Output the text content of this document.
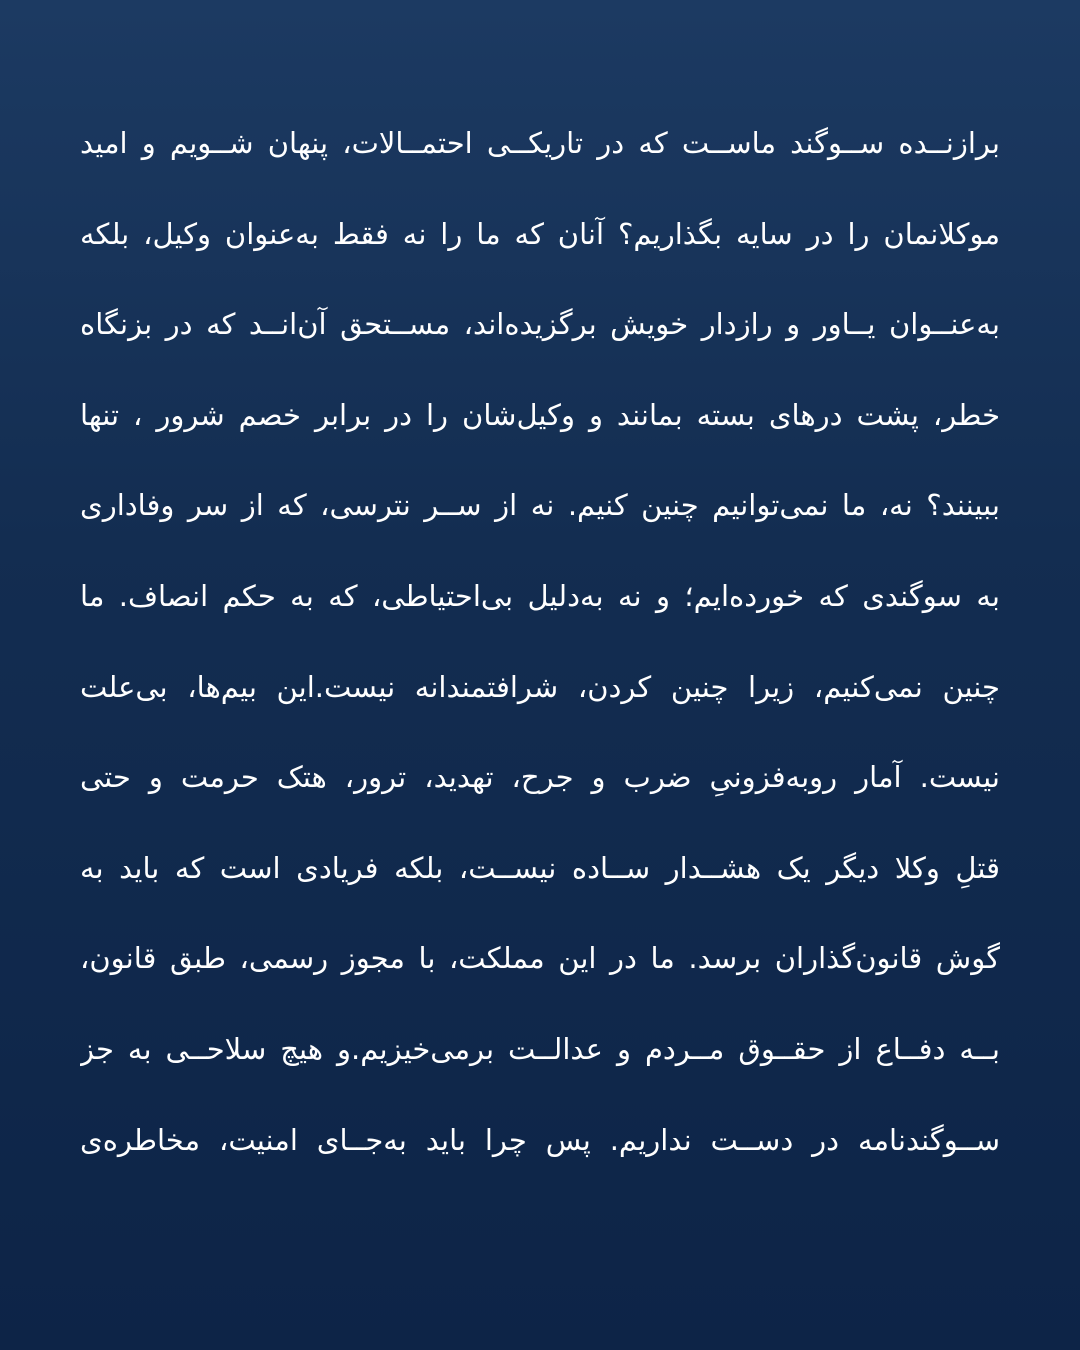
برازنــده ســوگند ماســت که در تاریکــی احتمــالات، پنهان شــویم و امید
موکلانمان را در سایه بگذاریم؟ آنان که ما را نه فقط به‌عنوان وکیل، بلکه
به‌عنــوان یــاور و رازدار خویش برگزیده‌اند، مســتحق آن‌انــد که در بزنگاه
خطر، پشت درهای بسته بمانند و وکیل‌شان را در برابر خصم شرور ، تنها
ببینند؟ نه، ما نمی‌توانیم چنین کنیم. نه از ســر نترسی، که از سر وفاداری
به سوگندی که خورده‌ایم؛ و نه به‌دلیل بی‌احتیاطی، که به حکم انصاف. ما
چنین نمی‌کنیم، زیرا چنین کردن، شرافتمندانه نیست.این بیم‌ها، بی‌علت
نیست. آمار روبه‌فزونیِ ضرب و جرح، تهدید، ترور، هتک حرمت و حتی
قتلِ وکلا دیگر یک هشــدار ســاده نیســت، بلکه فریادی است که باید به
گوش قانون‌گذاران برسد. ما در این مملکت، با مجوز رسمی، طبق قانون،
بــه دفــاع از حقــوق مــردم و عدالــت برمی‌خیزیم.و هیچ سلاحــی به جز
ســوگندنامه در دســت نداریم. پس چرا باید به‌جــای امنیت، مخاطره‌ی
